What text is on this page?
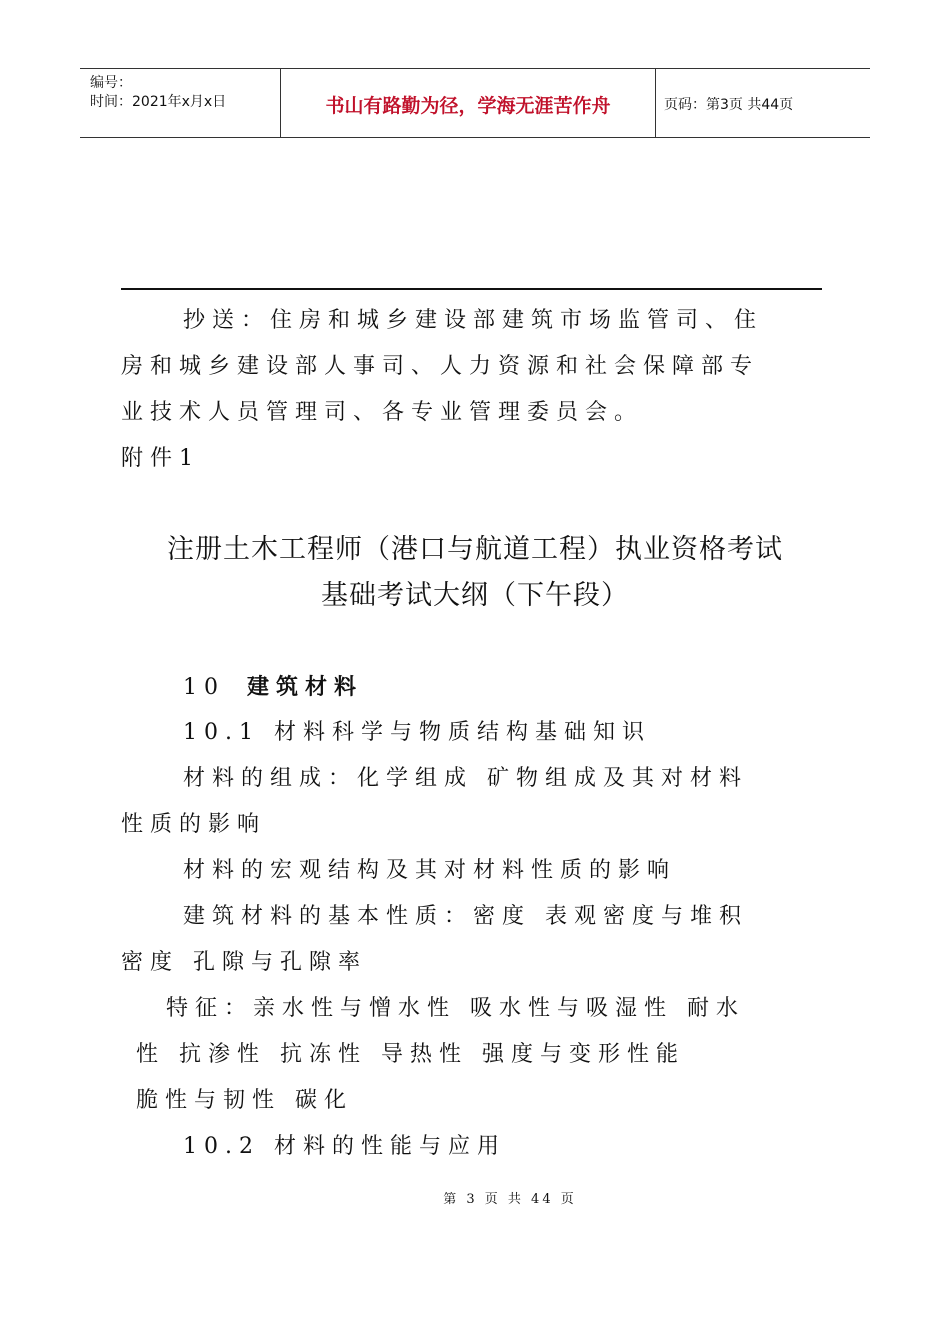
编号：
时间：2021年x月x日	书山有路勤为径，学海无涯苦作舟	页码：第3页 共44页
抄送：住房和城乡建设部建筑市场监管司、住
房和城乡建设部人事司、人力资源和社会保障部专
业技术人员管理司、各专业管理委员会。
附件1
注册土木工程师（港口与航道工程）执业资格考试
基础考试大纲（下午段）
10 建筑材料
10.1 材料科学与物质结构基础知识
材料的组成：化学组成 矿物组成及其对材料
性质的影响
材料的宏观结构及其对材料性质的影响
建筑材料的基本性质：密度 表观密度与堆积
密度 孔隙与孔隙率
特征：亲水性与憎水性 吸水性与吸湿性 耐水
性 抗渗性 抗冻性 导热性 强度与变形性能
脆性与韧性 碳化
10.2 材料的性能与应用
第 3 页 共 44 页
